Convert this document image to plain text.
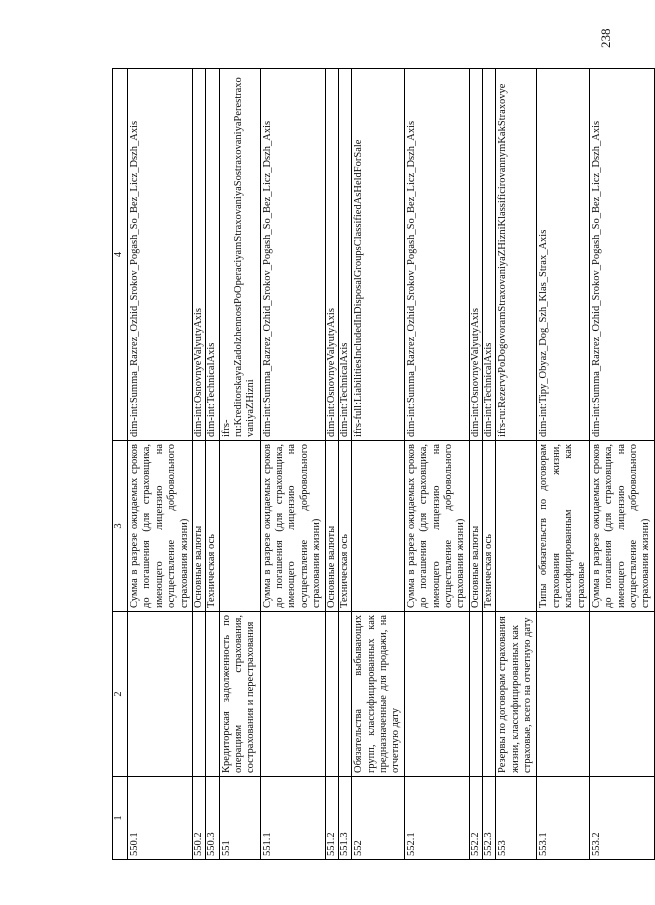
238
1	2	3	4
550.1		Сумма в разрезе ожидаемых сроков до погашения (для страховщика, имеющего лицензию на осуществление добровольного страхования жизни)	dim-int:Summa_Razrez_Ozhid_Srokov_Pogash_So_Bez_Licz_Dszh_Axis
550.2		Основные валюты	dim-int:OsnovnyeValyutyAxis
550.3		Техническая ось	dim-int:TechnicalAxis
551	Кредиторская задолженность по операциям страхования, сострахования и перестрахования		ifrs-ru:KreditorskayaZadolzhennostPoOperaciyamStraxovaniyaSostraxovaniyaPerestraxovaniyaZHizni
551.1		Сумма в разрезе ожидаемых сроков до погашения (для страховщика, имеющего лицензию на осуществление добровольного страхования жизни)	dim-int:Summa_Razrez_Ozhid_Srokov_Pogash_So_Bez_Licz_Dszh_Axis
551.2		Основные валюты	dim-int:OsnovnyeValyutyAxis
551.3		Техническая ось	dim-int:TechnicalAxis
552	Обязательства выбывающих групп, классифицированных как предназначенные для продажи, на отчетную дату		ifrs-full:LiabilitiesIncludedInDisposalGroupsClassifiedAsHeldForSale
552.1		Сумма в разрезе ожидаемых сроков до погашения (для страховщика, имеющего лицензию на осуществление добровольного страхования жизни)	dim-int:Summa_Razrez_Ozhid_Srokov_Pogash_So_Bez_Licz_Dszh_Axis
552.2		Основные валюты	dim-int:OsnovnyeValyutyAxis
552.3		Техническая ось	dim-int:TechnicalAxis
553	Резервы по договорам страхования жизни, классифицированных как страховые, всего на отчетную дату		ifrs-ru:RezervyPoDogovoramStraxovaniyaZHizniKlassificirovannymKakStraxovye
553.1		Типы обязательств по договорам страхования жизни, классифицированным как страховые	dim-int:Tipy_Obyaz_Dog_Szh_Klas_Strax_Axis
553.2		Сумма в разрезе ожидаемых сроков до погашения (для страховщика, имеющего лицензию на осуществление добровольного страхования жизни)	dim-int:Summa_Razrez_Ozhid_Srokov_Pogash_So_Bez_Licz_Dszh_Axis
